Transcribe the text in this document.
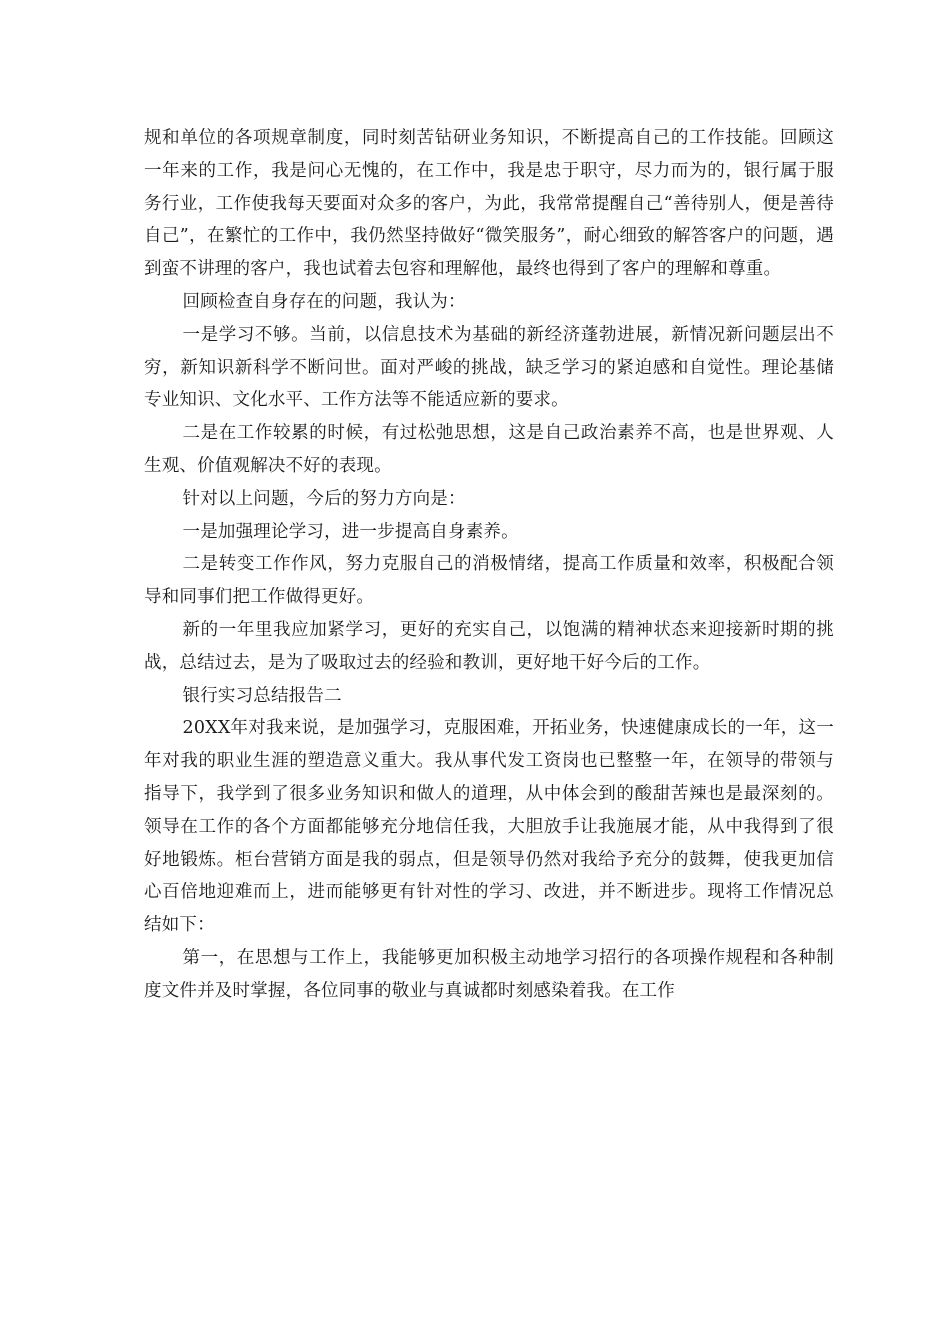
规和单位的各项规章制度，同时刻苦钻研业务知识，不断提高自己的工作技能。回顾这一年来的工作，我是问心无愧的，在工作中，我是忠于职守，尽力而为的，银行属于服务行业，工作使我每天要面对众多的客户，为此，我常常提醒自己“善待别人，便是善待自己”，在繁忙的工作中，我仍然坚持做好“微笑服务”，耐心细致的解答客户的问题，遇到蛮不讲理的客户，我也试着去包容和理解他，最终也得到了客户的理解和尊重。

回顾检查自身存在的问题，我认为：

一是学习不够。当前，以信息技术为基础的新经济蓬勃进展，新情况新问题层出不穷，新知识新科学不断问世。面对严峻的挑战，缺乏学习的紧迫感和自觉性。理论基储专业知识、文化水平、工作方法等不能适应新的要求。

二是在工作较累的时候，有过松弛思想，这是自己政治素养不高，也是世界观、人生观、价值观解决不好的表现。

针对以上问题，今后的努力方向是：

一是加强理论学习，进一步提高自身素养。

二是转变工作作风，努力克服自己的消极情绪，提高工作质量和效率，积极配合领导和同事们把工作做得更好。

新的一年里我应加紧学习，更好的充实自己，以饱满的精神状态来迎接新时期的挑战，总结过去，是为了吸取过去的经验和教训，更好地干好今后的工作。

银行实习总结报告二

20XX年对我来说，是加强学习，克服困难，开拓业务，快速健康成长的一年，这一年对我的职业生涯的塑造意义重大。我从事代发工资岗也已整整一年，在领导的带领与指导下，我学到了很多业务知识和做人的道理，从中体会到的酸甜苦辣也是最深刻的。领导在工作的各个方面都能够充分地信任我，大胆放手让我施展才能，从中我得到了很好地锻炼。柜台营销方面是我的弱点，但是领导仍然对我给予充分的鼓舞，使我更加信心百倍地迎难而上，进而能够更有针对性的学习、改进，并不断进步。现将工作情况总结如下：

第一，在思想与工作上，我能够更加积极主动地学习招行的各项操作规程和各种制度文件并及时掌握，各位同事的敬业与真诚都时刻感染着我。在工作
